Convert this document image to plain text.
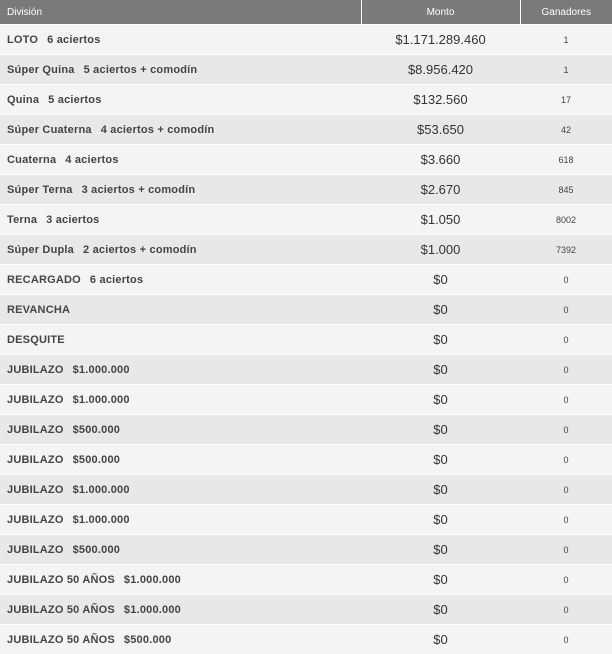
División	Monto	Ganadores
LOTO 6 aciertos	$1.171.289.460	1
Súper Quina 5 aciertos + comodín	$8.956.420	1
Quina 5 aciertos	$132.560	17
Súper Cuaterna 4 aciertos + comodín	$53.650	42
Cuaterna 4 aciertos	$3.660	618
Súper Terna 3 aciertos + comodín	$2.670	845
Terna 3 aciertos	$1.050	8002
Súper Dupla 2 aciertos + comodín	$1.000	7392
RECARGADO 6 aciertos	$0	0
REVANCHA	$0	0
DESQUITE	$0	0
JUBILAZO $1.000.000	$0	0
JUBILAZO $1.000.000	$0	0
JUBILAZO $500.000	$0	0
JUBILAZO $500.000	$0	0
JUBILAZO $1.000.000	$0	0
JUBILAZO $1.000.000	$0	0
JUBILAZO $500.000	$0	0
JUBILAZO 50 AÑOS $1.000.000	$0	0
JUBILAZO 50 AÑOS $1.000.000	$0	0
JUBILAZO 50 AÑOS $500.000	$0	0
